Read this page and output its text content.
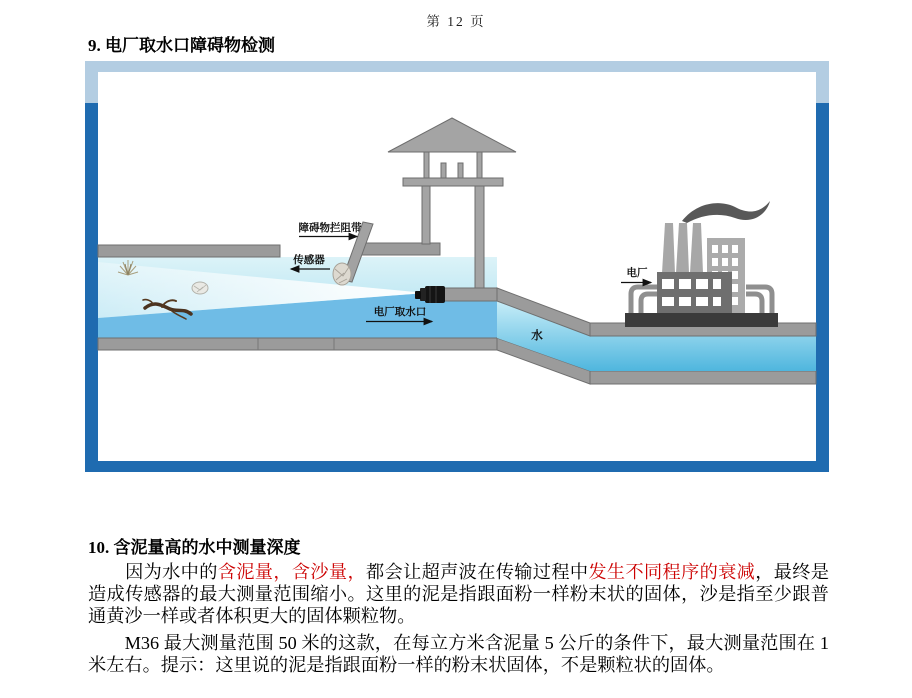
第 12 页
9. 电厂取水口障碍物检测
障碍物拦阻带
传感器
电厂取水口
水
电厂
10. 含泥量高的水中测量深度

　　因为水中的含泥量，含沙量，都会让超声波在传输过程中发生不同程序的衰减，最终是造成传感器的最大测量范围缩小。这里的泥是指跟面粉一样粉末状的固体，沙是指至少跟普通黄沙一样或者体积更大的固体颗粒物。

　　M36 最大测量范围 50 米的这款，在每立方米含泥量 5 公斤的条件下，最大测量范围在 1 米左右。提示：这里说的泥是指跟面粉一样的粉末状固体，不是颗粒状的固体。
